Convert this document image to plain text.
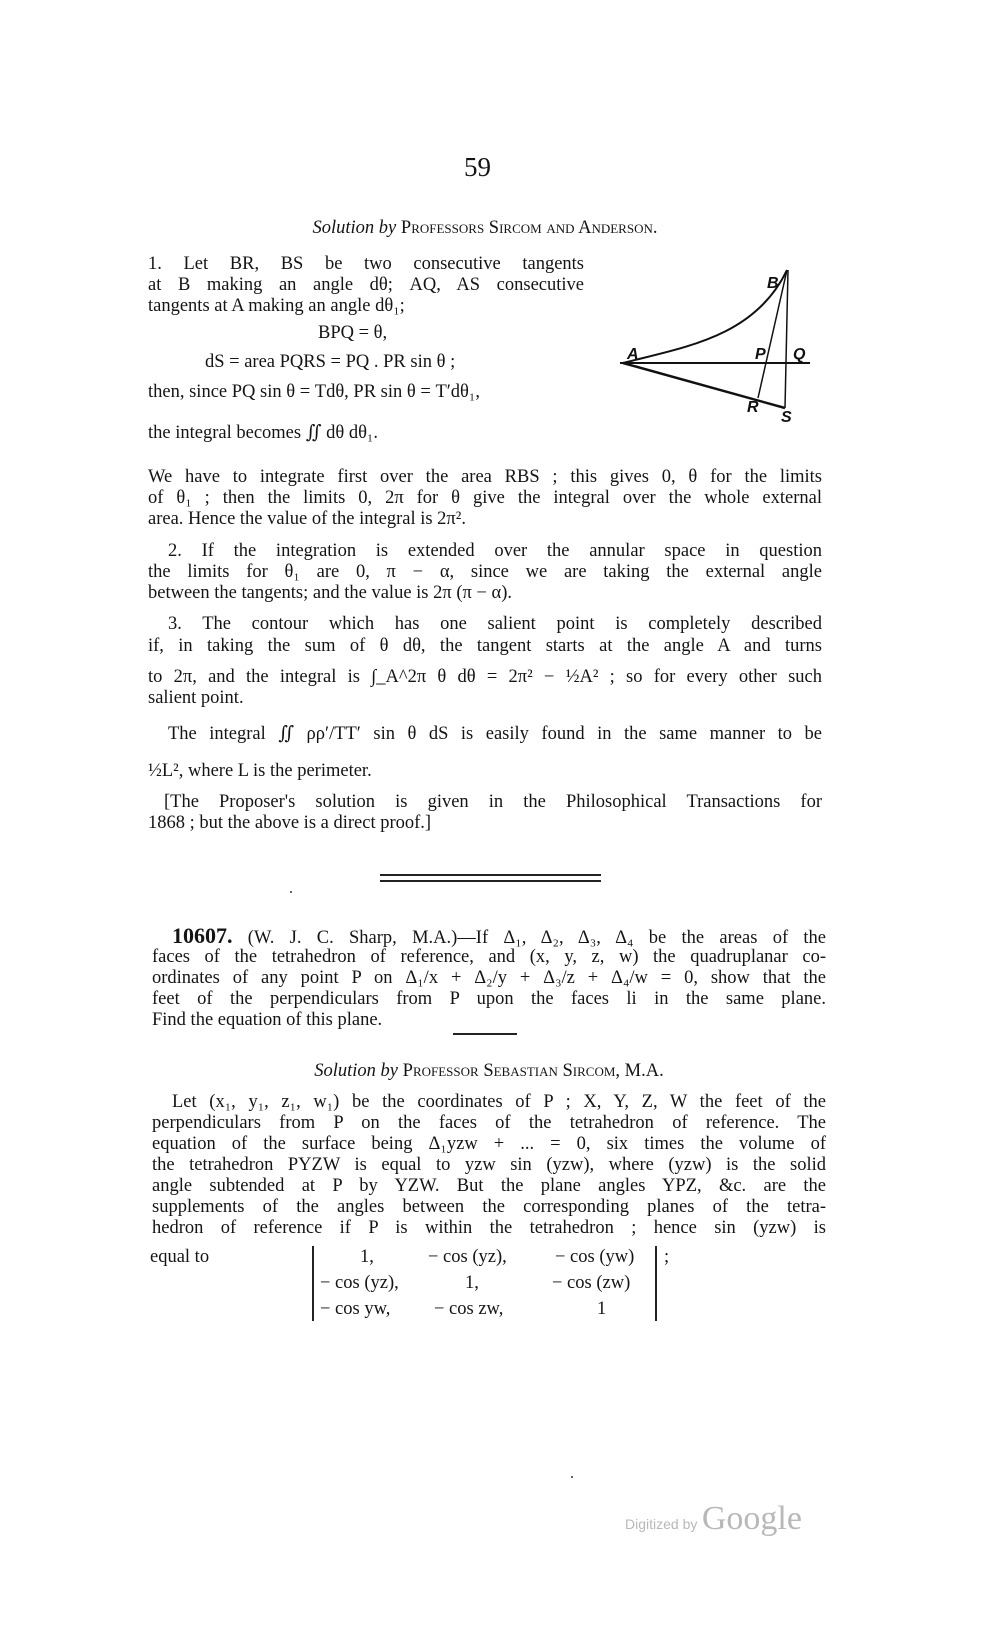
59
Solution by Professors Sircom and Anderson.
1. Let BR, BS be two consecutive tangents
at B making an angle dθ; AQ, AS consecutive
tangents at A making an angle dθ₁;
BPQ = θ,
dS = area PQRS = PQ . PR sin θ ;
then, since PQ sin θ = Tdθ, PR sin θ = T′dθ₁,
the integral becomes ∬ dθ dθ₁.
A
B
P Q
R
S
We have to integrate first over the area RBS ; this gives 0, θ for the limits
of θ₁ ; then the limits 0, 2π for θ give the integral over the whole external
area. Hence the value of the integral is 2π².
2. If the integration is extended over the annular space in question
the limits for θ₁ are 0, π − α, since we are taking the external angle
between the tangents; and the value is 2π (π − α).
3. The contour which has one salient point is completely described
if, in taking the sum of θ dθ, the tangent starts at the angle A and turns
to 2π, and the integral is ∫_A^2π θ dθ = 2π² − ½A² ; so for every other such
salient point.
The integral ∬ ρρ′/TT′ sin θ dS is easily found in the same manner to be
½L², where L is the perimeter.
[The Proposer's solution is given in the Philosophical Transactions for
1868 ; but the above is a direct proof.]
10607. (W. J. C. Sharp, M.A.)—If Δ₁, Δ₂, Δ₃, Δ₄ be the areas of the
faces of the tetrahedron of reference, and (x, y, z, w) the quadruplanar co-
ordinates of any point P on Δ₁/x + Δ₂/y + Δ₃/z + Δ₄/w = 0, show that the
feet of the perpendiculars from P upon the faces li in the same plane.
Find the equation of this plane.
Solution by Professor Sebastian Sircom, M.A.
Let (x₁, y₁, z₁, w₁) be the coordinates of P ; X, Y, Z, W the feet of the
perpendiculars from P on the faces of the tetrahedron of reference. The
equation of the surface being Δ₁yzw + ... = 0, six times the volume of
the tetrahedron PYZW is equal to yzw sin (yzw), where (yzw) is the solid
angle subtended at P by YZW. But the plane angles YPZ, &c. are the
supplements of the angles between the corresponding planes of the tetra-
hedron of reference if P is within the tetrahedron ; hence sin (yzw) is
equal to	;
1,	− cos (yz),	− cos (yw)
− cos (yz),	1,	− cos (zw)
− cos yw, − cos zw,	1
Digitized by Google
